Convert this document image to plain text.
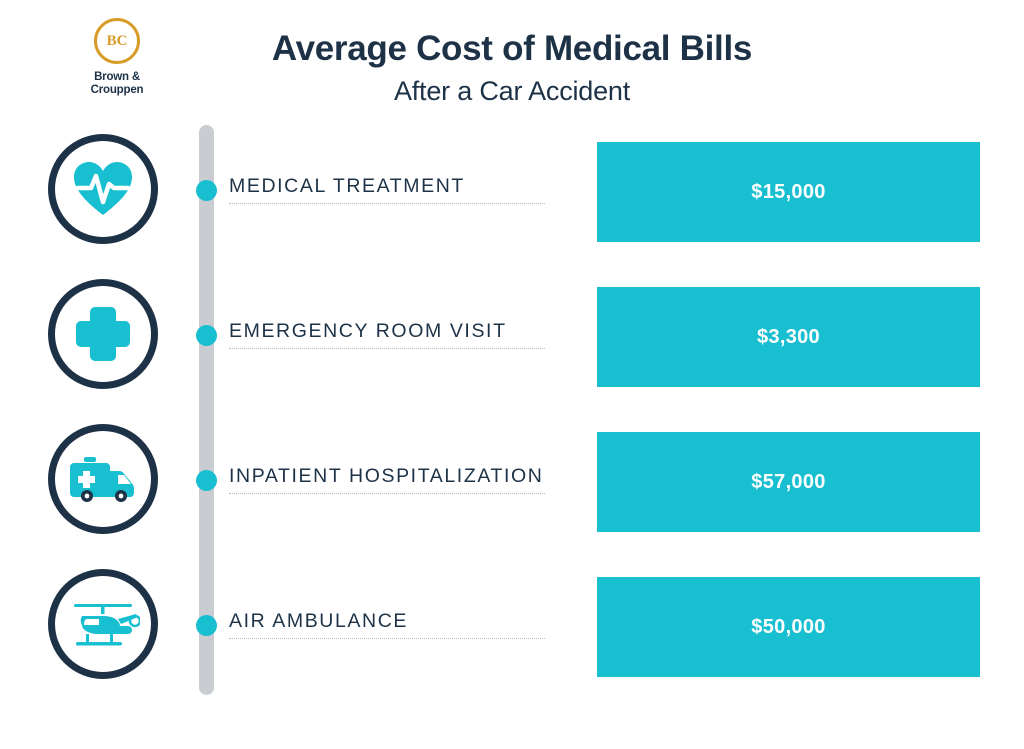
BC
Brown &
Crouppen
Average Cost of Medical Bills
After a Car Accident
MEDICAL TREATMENT	$15,000
EMERGENCY ROOM VISIT	$3,300
INPATIENT HOSPITALIZATION	$57,000
AIR AMBULANCE	$50,000
